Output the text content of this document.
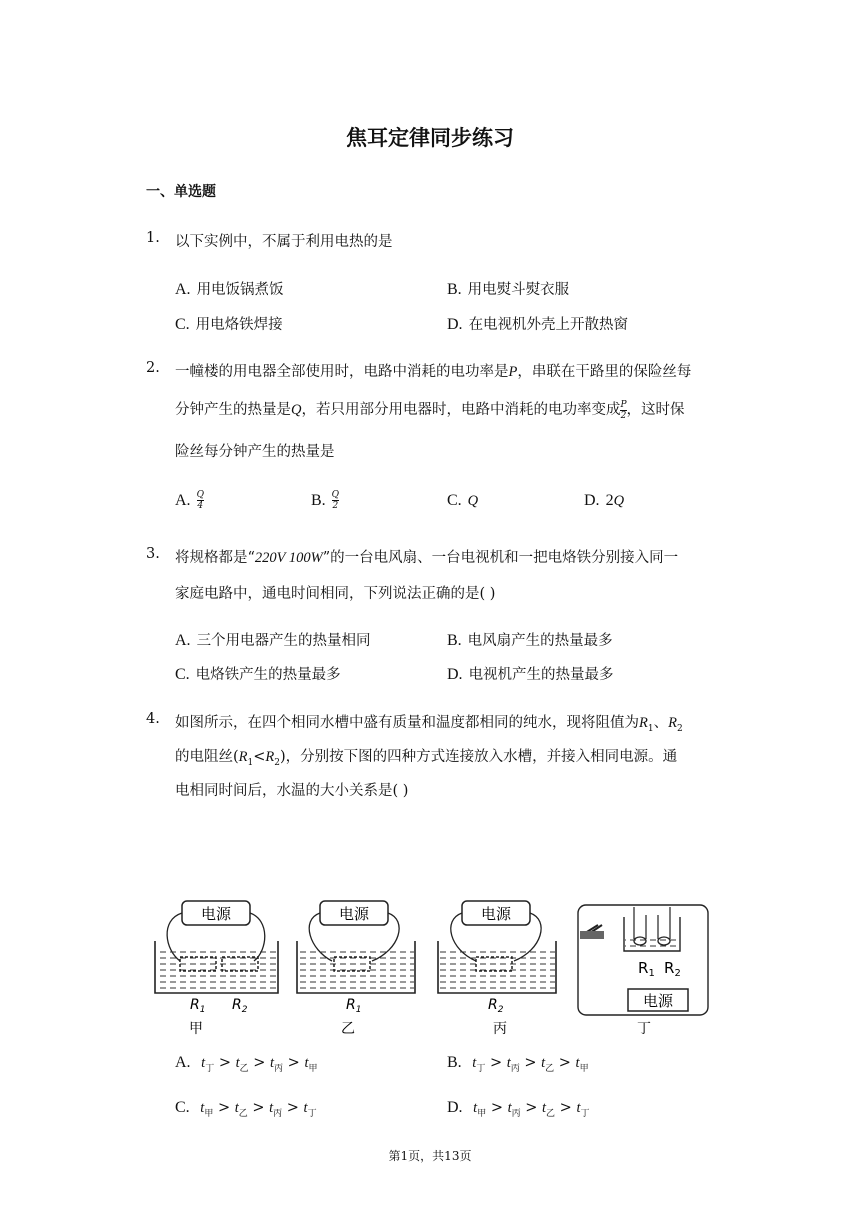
焦耳定律同步练习
一、单选题
1. 以下实例中，不属于利用电热的是
A. 用电饭锅煮饭	B. 用电熨斗熨衣服
C. 用电烙铁焊接	D. 在电视机外壳上开散热窗
2. 一幢楼的用电器全部使用时，电路中消耗的电功率是P，串联在干路里的保险丝每
分钟产生的热量是Q，若只用部分用电器时，电路中消耗的电功率变成$\frac{P}{2}$ ，这时保
险丝每分钟产生的热量是
A. $\frac{Q}{4}$	B. $\frac{Q}{2}$	C. Q	D. 2Q
3. 将规格都是“220V 100W”的一台电风扇、一台电视机和一把电烙铁分别接入同一
家庭电路中，通电时间相同，下列说法正确的是( )
A. 三个用电器产生的热量相同	B. 电风扇产生的热量最多
C. 电烙铁产生的热量最多	D. 电视机产生的热量最多
4. 如图所示，在四个相同水槽中盛有质量和温度都相同的纯水，现将阻值为$R_1$、$R_2$
的电阻丝$(R_1<R_2)$，分别按下图的四种方式连接放入水槽，并接入相同电源。通
电相同时间后，水温的大小关系是( )
电源
$R_1$ $R_2$
甲
电源
$R_1$
乙
电源
$R_2$
丙
$R_1$ $R_2$
电源
丁
A. $t_丁 > t_乙 > t_丙 > t_甲$	B. $t_丁 > t_丙 > t_乙 > t_甲$
C. $t_甲 > t_乙 > t_丙 > t_丁$	D. $t_甲 > t_丙 > t_乙 > t_丁$
第1页，共13页
